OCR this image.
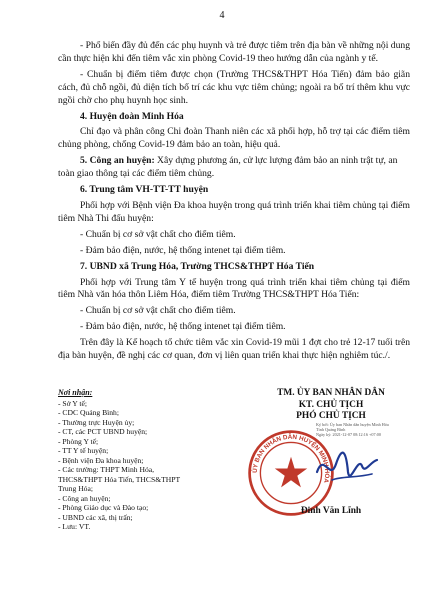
4

- Phổ biến đầy đủ đến các phụ huynh và trẻ được tiêm trên địa bàn về những nội dung cần thực hiện khi đến tiêm vắc xin phòng Covid-19 theo hướng dẫn của ngành y tế.

- Chuẩn bị điểm tiêm được chọn (Trường THCS&THPT Hóa Tiến) đảm bảo giãn cách, đủ chỗ ngồi, đủ diện tích bố trí các khu vực tiêm chủng; ngoài ra bố trí thêm khu vực ngồi chờ cho phụ huynh học sinh.

4. Huyện đoàn Minh Hóa

Chỉ đạo và phân công Chi đoàn Thanh niên các xã phối hợp, hỗ trợ tại các điểm tiêm chủng phòng, chống Covid-19 đảm bảo an toàn, hiệu quả.

5. Công an huyện: Xây dựng phương án, cử lực lượng đảm bảo an ninh trật tự, an toàn giao thông tại các điểm tiêm chủng.
6. Trung tâm VH-TT-TT huyện

Phối hợp với Bệnh viện Đa khoa huyện trong quá trình triển khai tiêm chủng tại điểm tiêm Nhà Thi đấu huyện:

- Chuẩn bị cơ sở vật chất cho điểm tiêm.

- Đảm bảo điện, nước, hệ thống intenet tại điểm tiêm.

7. UBND xã Trung Hóa, Trường THCS&THPT Hóa Tiến

Phối hợp với Trung tâm Y tế huyện trong quá trình triển khai tiêm chủng tại điểm tiêm Nhà văn hóa thôn Liêm Hóa, điểm tiêm Trường THCS&THPT Hóa Tiến:

- Chuẩn bị cơ sở vật chất cho điểm tiêm.

- Đảm bảo điện, nước, hệ thống intenet tại điểm tiêm.

Trên đây là Kế hoạch tổ chức tiêm vắc xin Covid-19 mũi 1 đợt cho trẻ 12-17 tuổi trên địa bàn huyện, đề nghị các cơ quan, đơn vị liên quan triển khai thực hiện nghiêm túc./.

Nơi nhận:
- Sở Y tế;
- CDC Quảng Bình;
- Thường trực Huyện ủy;
- CT, các PCT UBND huyện;
- Phòng Y tế;
- TT Y tế huyện;
- Bệnh viện Đa khoa huyện;
- Các trường: THPT Minh Hóa,
THCS&THPT Hóa Tiến, THCS&THPT
Trung Hóa;
- Công an huyện;
- Phòng Giáo dục và Đào tạo;
- UBND các xã, thị trấn;
- Lưu: VT.
TM. ỦY BAN NHÂN DÂN
KT. CHỦ TỊCH
PHÓ CHỦ TỊCH
ỦY BAN NHÂN DÂN HUYỆN MINH HÓA
Ký bởi: Ủy ban Nhân dân huyện Minh Hóa
Tỉnh Quảng Bình
Ngày ký: 2021-12-07 08:12:16 +07:00
Đinh Văn Lĩnh
